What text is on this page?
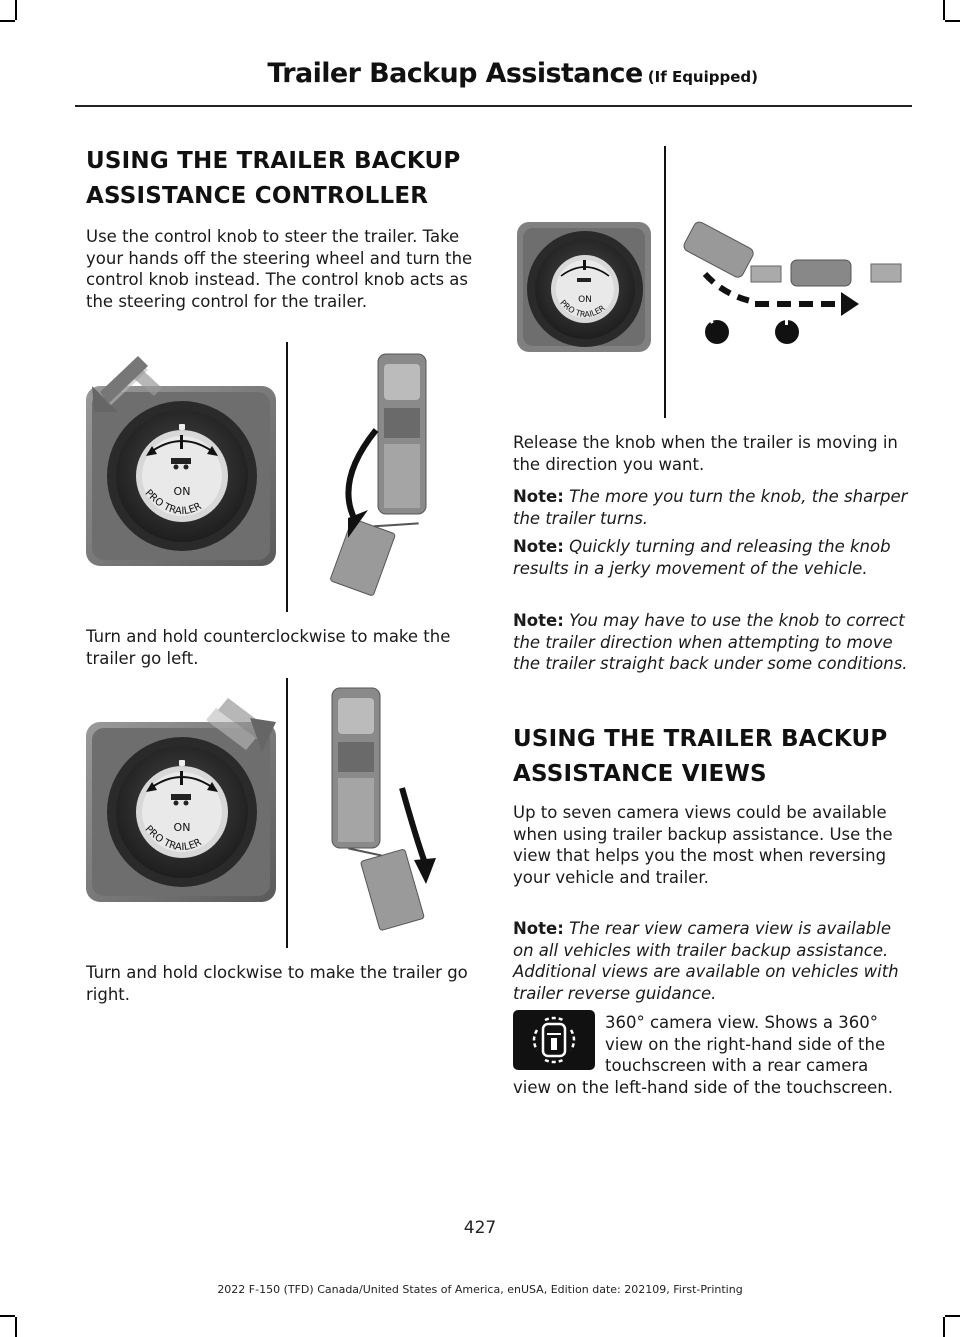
Trailer Backup Assistance (If Equipped)
USING THE TRAILER BACKUP
ASSISTANCE CONTROLLER
Use the control knob to steer the trailer. Take your hands off the steering wheel and turn the control knob instead. The control knob acts as the steering control for the trailer.
ON
PRO TRAILER
Turn and hold counterclockwise to make the trailer go left.
ON
PRO TRAILER
Turn and hold clockwise to make the trailer go right.
ON
PRO TRAILER
Release the knob when the trailer is moving in the direction you want.
Note: The more you turn the knob, the sharper the trailer turns.
Note: Quickly turning and releasing the knob results in a jerky movement of the vehicle.
Note: You may have to use the knob to correct the trailer direction when attempting to move the trailer straight back under some conditions.
USING THE TRAILER BACKUP
ASSISTANCE VIEWS
Up to seven camera views could be available when using trailer backup assistance. Use the view that helps you the most when reversing your vehicle and trailer.
Note: The rear view camera view is available on all vehicles with trailer backup assistance. Additional views are available on vehicles with trailer reverse guidance.
360° camera view. Shows a 360° view on the right-hand side of the touchscreen with a rear camera view on the left-hand side of the touchscreen.
427
2022 F-150 (TFD) Canada/United States of America, enUSA, Edition date: 202109, First-Printing
